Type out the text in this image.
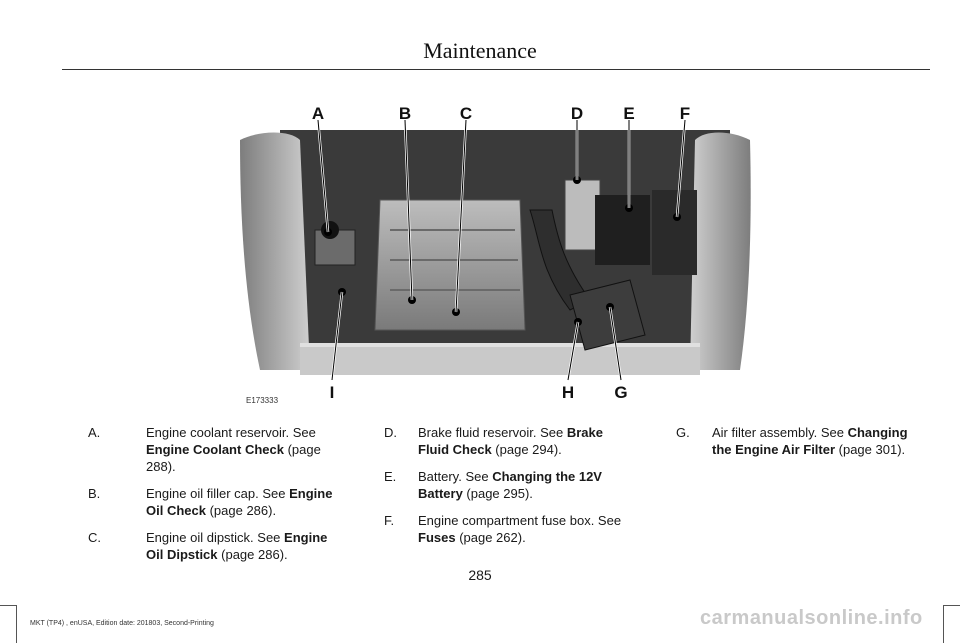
Maintenance
A	B	C	D E	F
I	H G
E173333
A.	Engine coolant reservoir. See Engine Coolant Check (page 288).
B.	Engine oil filler cap. See Engine Oil Check (page 286).
C.	Engine oil dipstick. See Engine Oil Dipstick (page 286).
D.	Brake fluid reservoir. See Brake Fluid Check (page 294).
E.	Battery. See Changing the 12V Battery (page 295).
F.	Engine compartment fuse box. See Fuses (page 262).
G.	Air filter assembly. See Changing the Engine Air Filter (page 301).
285
MKT (TP4) , enUSA, Edition date: 201803, Second-Printing	carmanualsonline.info
